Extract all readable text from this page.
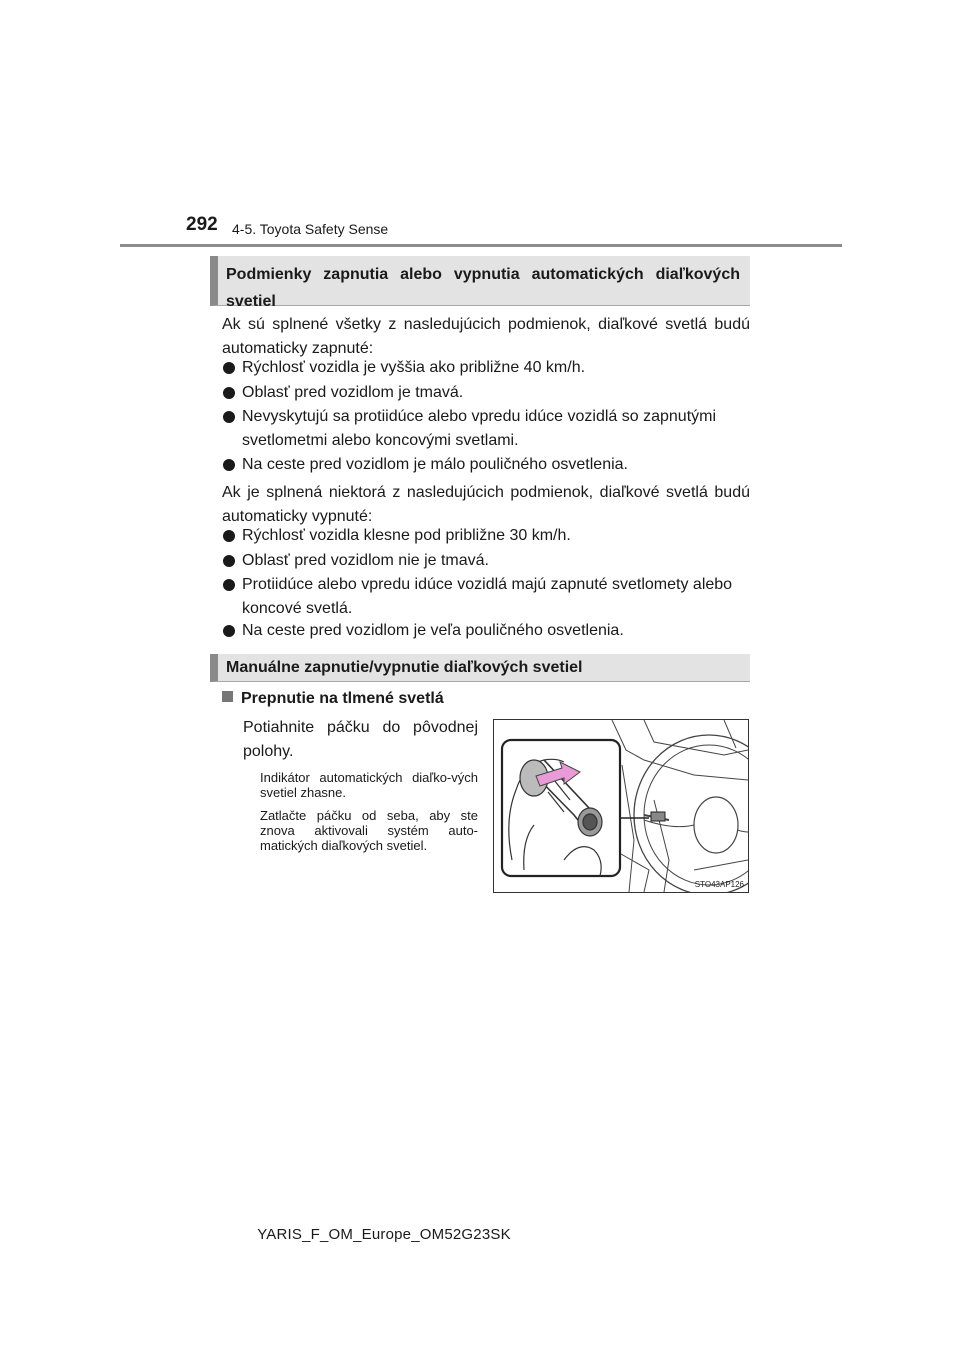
292 4-5. Toyota Safety Sense
Podmienky zapnutia alebo vypnutia automatických diaľkových svetiel
Ak sú splnené všetky z nasledujúcich podmienok, diaľkové svetlá budú automaticky zapnuté:
Rýchlosť vozidla je vyššia ako približne 40 km/h.
Oblasť pred vozidlom je tmavá.
Nevyskytujú sa protiidúce alebo vpredu idúce vozidlá so zapnutými svetlometmi alebo koncovými svetlami.
Na ceste pred vozidlom je málo pouličného osvetlenia.
Ak je splnená niektorá z nasledujúcich podmienok, diaľkové svetlá budú automaticky vypnuté:
Rýchlosť vozidla klesne pod približne 30 km/h.
Oblasť pred vozidlom nie je tmavá.
Protiidúce alebo vpredu idúce vozidlá majú zapnuté svetlomety alebo koncové svetlá.
Na ceste pred vozidlom je veľa pouličného osvetlenia.
Manuálne zapnutie/vypnutie diaľkových svetiel
Prepnutie na tlmené svetlá
Potiahnite páčku do pôvodnej polohy.
Indikátor automatických diaľko-vých svetiel zhasne.
Zatlačte páčku od seba, aby ste znova aktivovali systém auto-matických diaľkových svetiel.
STO43AP126
YARIS_F_OM_Europe_OM52G23SK
